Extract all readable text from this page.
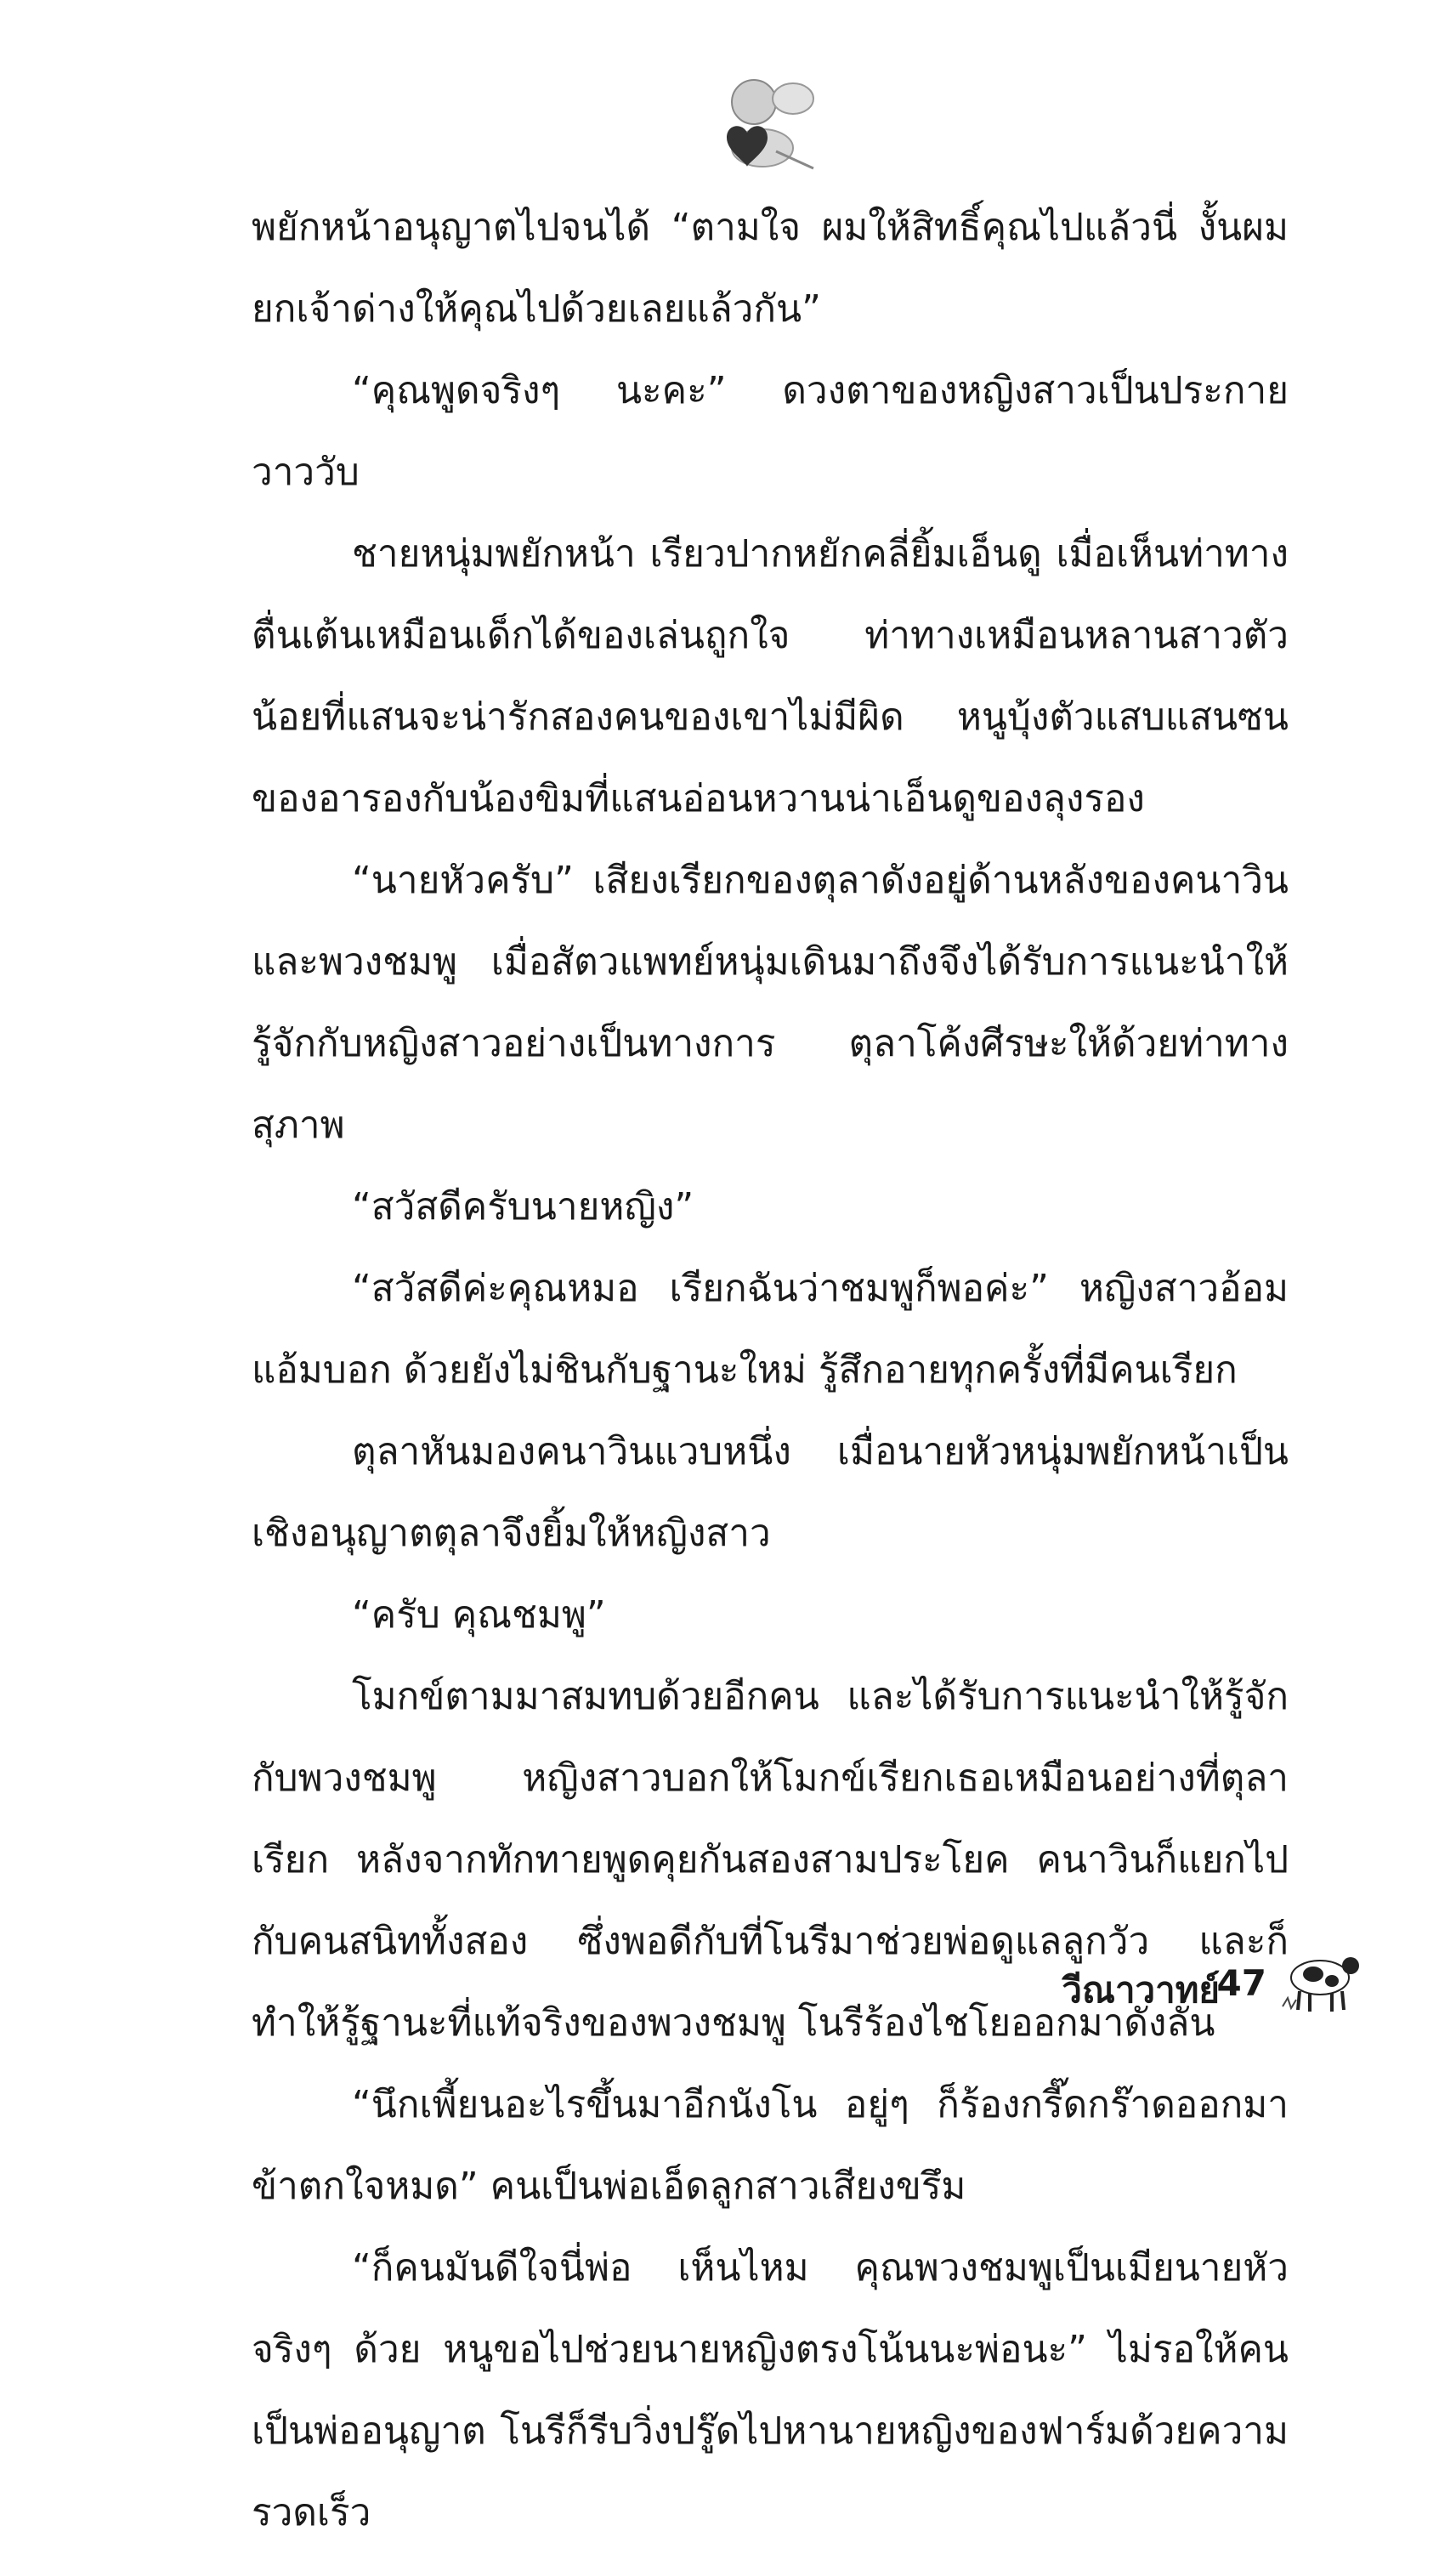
พยักหน้าอนุญาตไปจนได้ “ตามใจ ผมให้สิทธิ์คุณไปแล้วนี่ งั้นผมยกเจ้าด่างให้คุณไปด้วยเลยแล้วกัน”

“คุณพูดจริงๆ นะคะ” ดวงตาของหญิงสาวเป็นประกายวาววับ

ชายหนุ่มพยักหน้า เรียวปากหยักคลี่ยิ้มเอ็นดู เมื่อเห็นท่าทางตื่นเต้นเหมือนเด็กได้ของเล่นถูกใจ ท่าทางเหมือนหลานสาวตัวน้อยที่แสนจะน่ารักสองคนของเขาไม่มีผิด หนูบุ้งตัวแสบแสนซนของอารองกับน้องขิมที่แสนอ่อนหวานน่าเอ็นดูของลุงรอง

“นายหัวครับ” เสียงเรียกของตุลาดังอยู่ด้านหลังของคนาวินและพวงชมพู เมื่อสัตวแพทย์หนุ่มเดินมาถึงจึงได้รับการแนะนำให้รู้จักกับหญิงสาวอย่างเป็นทางการ ตุลาโค้งศีรษะให้ด้วยท่าทางสุภาพ

“สวัสดีครับนายหญิง”

“สวัสดีค่ะคุณหมอ เรียกฉันว่าชมพูก็พอค่ะ” หญิงสาวอ้อมแอ้มบอก ด้วยยังไม่ชินกับฐานะใหม่ รู้สึกอายทุกครั้งที่มีคนเรียก

ตุลาหันมองคนาวินแวบหนึ่ง เมื่อนายหัวหนุ่มพยักหน้าเป็นเชิงอนุญาตตุลาจึงยิ้มให้หญิงสาว

“ครับ คุณชมพู”

โมกข์ตามมาสมทบด้วยอีกคน และได้รับการแนะนำให้รู้จักกับพวงชมพู หญิงสาวบอกให้โมกข์เรียกเธอเหมือนอย่างที่ตุลาเรียก หลังจากทักทายพูดคุยกันสองสามประโยค คนาวินก็แยกไปกับคนสนิททั้งสอง ซึ่งพอดีกับที่โนรีมาช่วยพ่อดูแลลูกวัว และก็ทำให้รู้ฐานะที่แท้จริงของพวงชมพู โนรีร้องไชโยออกมาดังลั่น

“นึกเพี้ยนอะไรขึ้นมาอีกนังโน อยู่ๆ ก็ร้องกรี๊ดกร๊าดออกมา ข้าตกใจหมด” คนเป็นพ่อเอ็ดลูกสาวเสียงขรึม

“ก็คนมันดีใจนี่พ่อ เห็นไหม คุณพวงชมพูเป็นเมียนายหัวจริงๆ ด้วย หนูขอไปช่วยนายหญิงตรงโน้นนะพ่อนะ” ไม่รอให้คนเป็นพ่ออนุญาต โนรีก็รีบวิ่งปรู๊ดไปหานายหญิงของฟาร์มด้วยความรวดเร็ว

วีณาวาทย์
47
